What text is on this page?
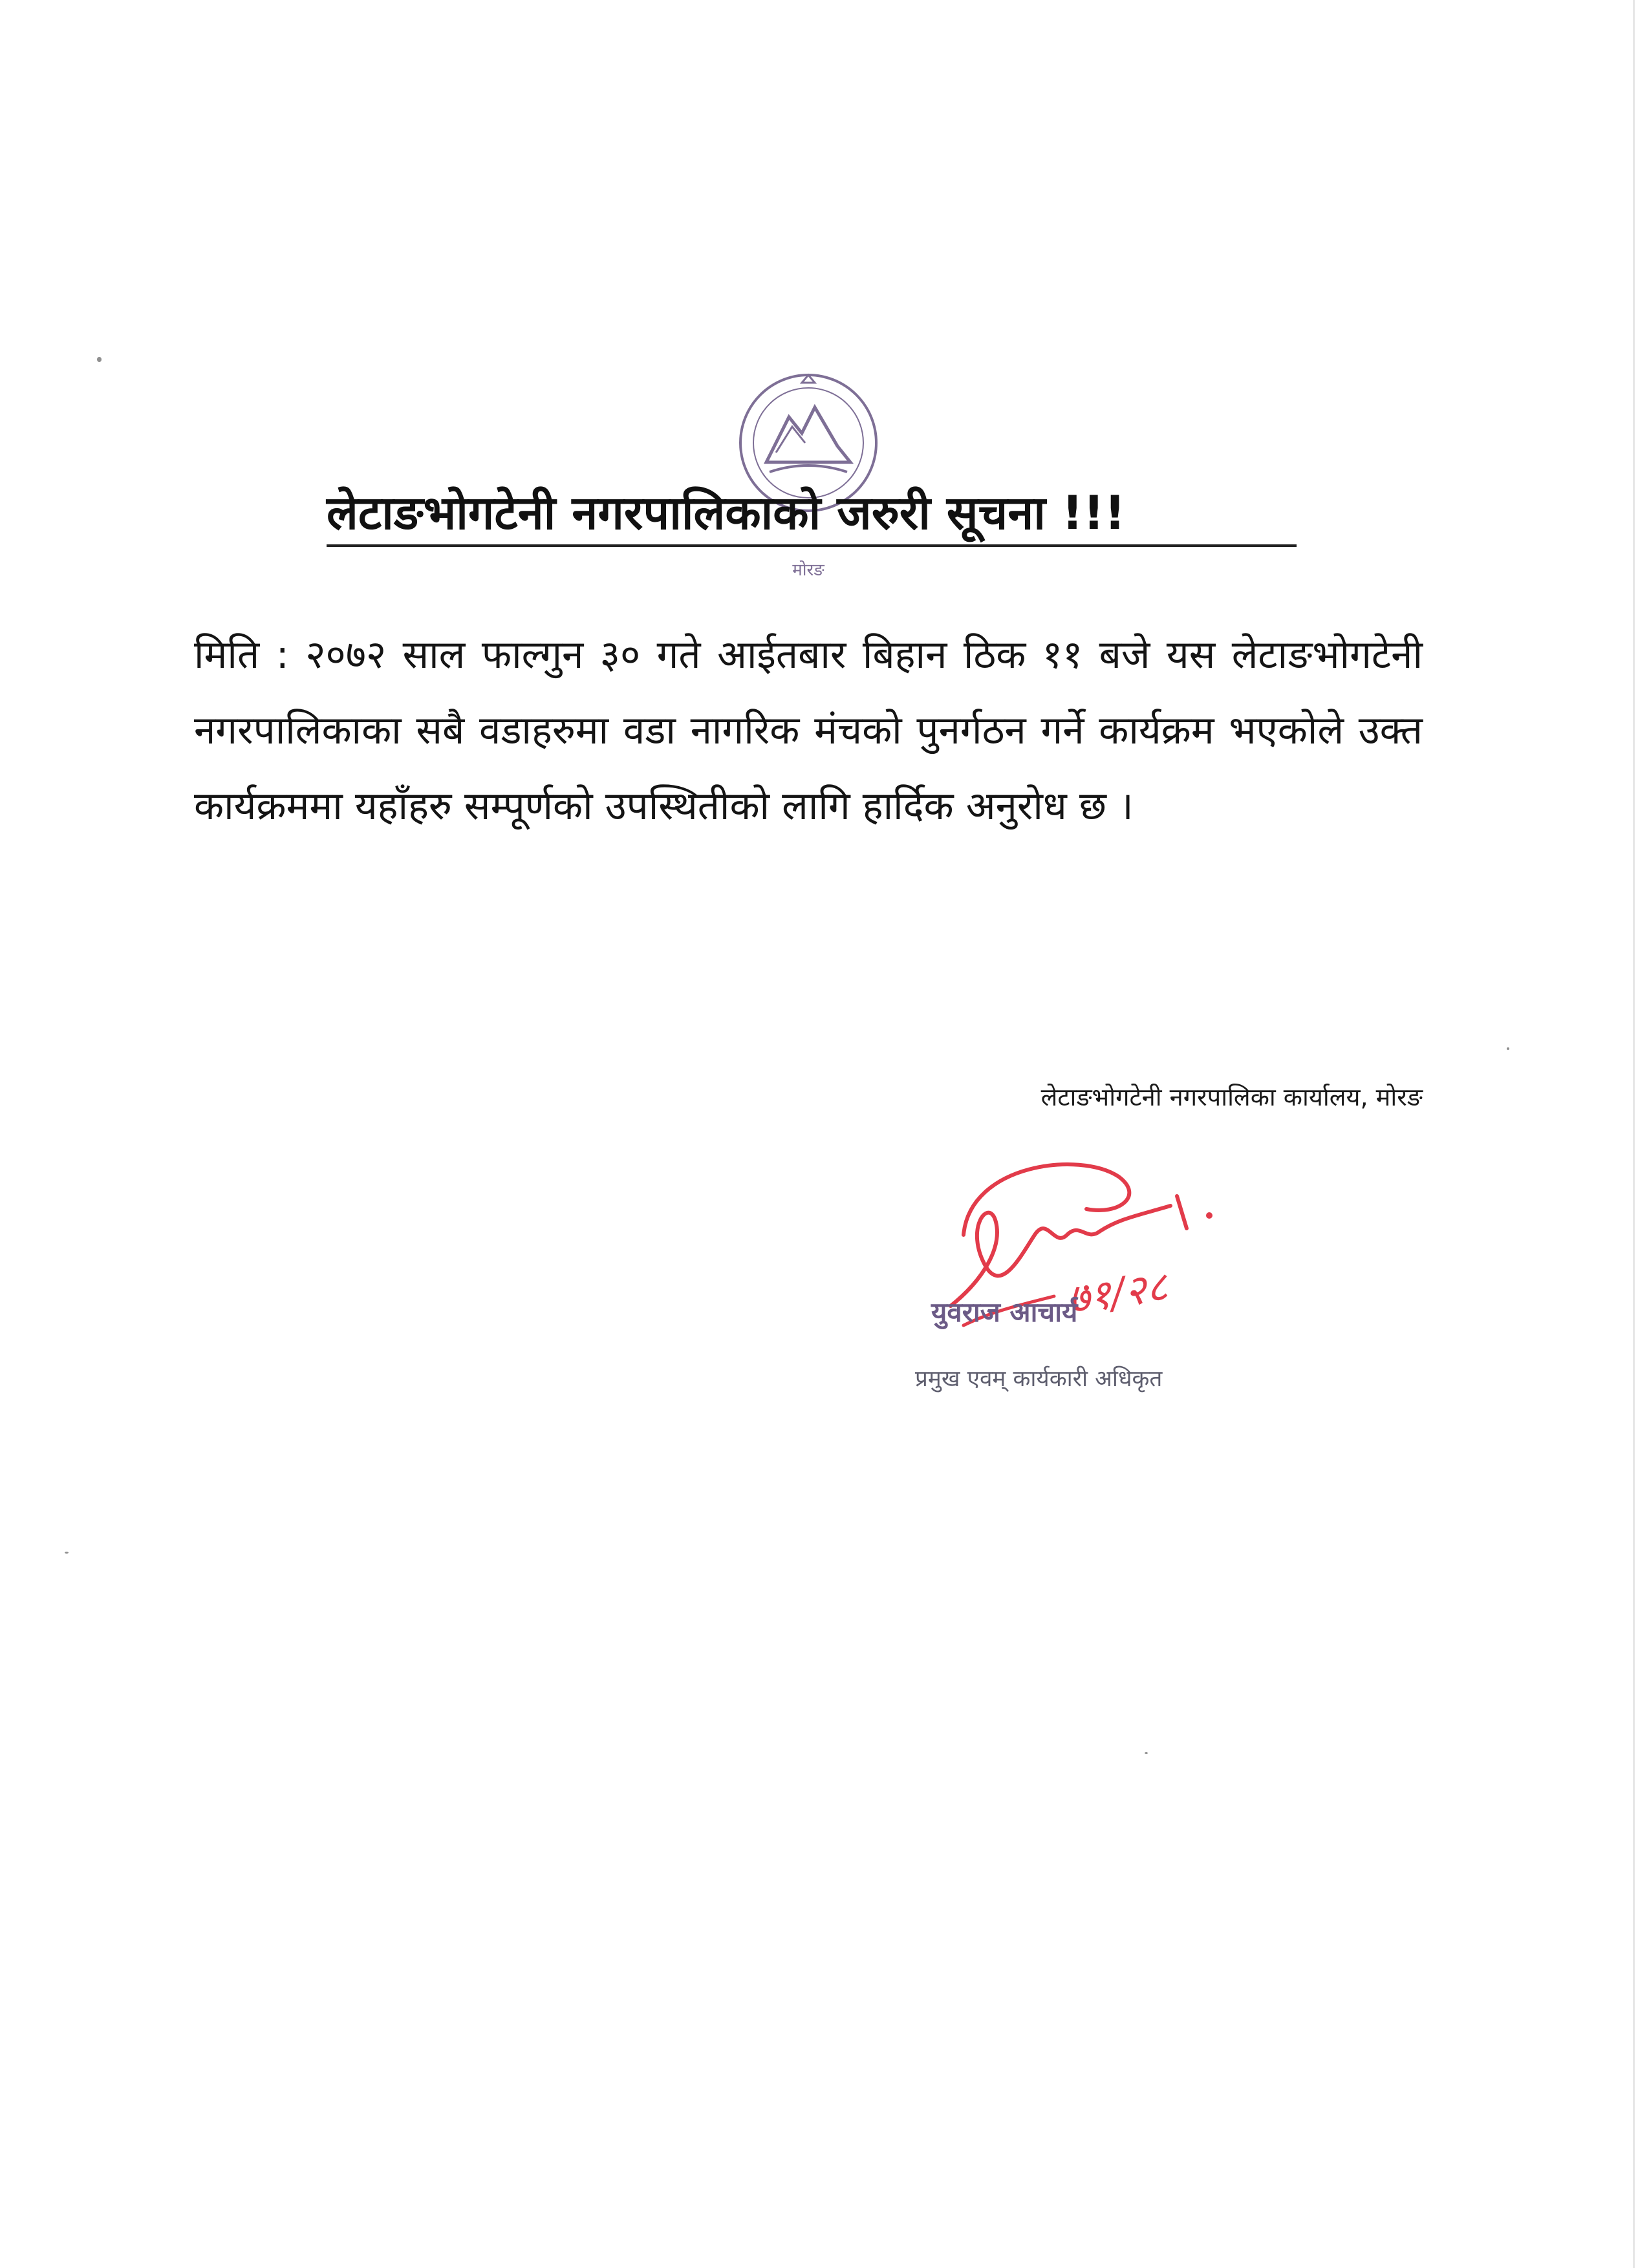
मोरङ
लेटाङभोगटेनी नगरपालिकाको जरुरी सूचना !!!
मिति : २०७२ साल फाल्गुन ३० गते आईतबार बिहान ठिक ११ बजे यस लेटाङभोगटेनी नगरपालिकाका सबै वडाहरुमा वडा नागरिक मंचको पुनर्गठन गर्ने कार्यक्रम भएकोले उक्त कार्यक्रममा यहाँहरु सम्पूर्णको उपस्थितीको लागि हार्दिक अनुरोध छ ।
लेटाङभोगटेनी नगरपालिका कार्यालय, मोरङ
७१/२८
युवराज आचार्य
प्रमुख एवम् कार्यकारी अधिकृत
